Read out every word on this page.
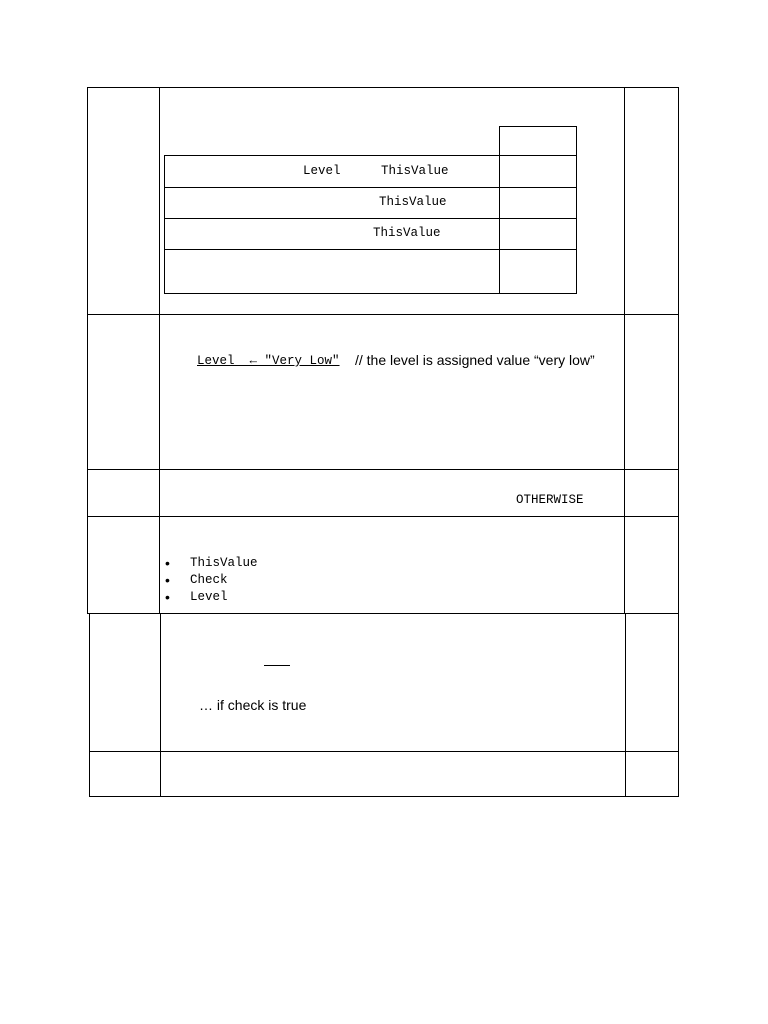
Level	ThisValue
ThisValue
ThisValue
Level  ← "Very Low" // the level is assigned value “very low”
OTHERWISE
• ThisValue
• Check
• Level
… if check is true
